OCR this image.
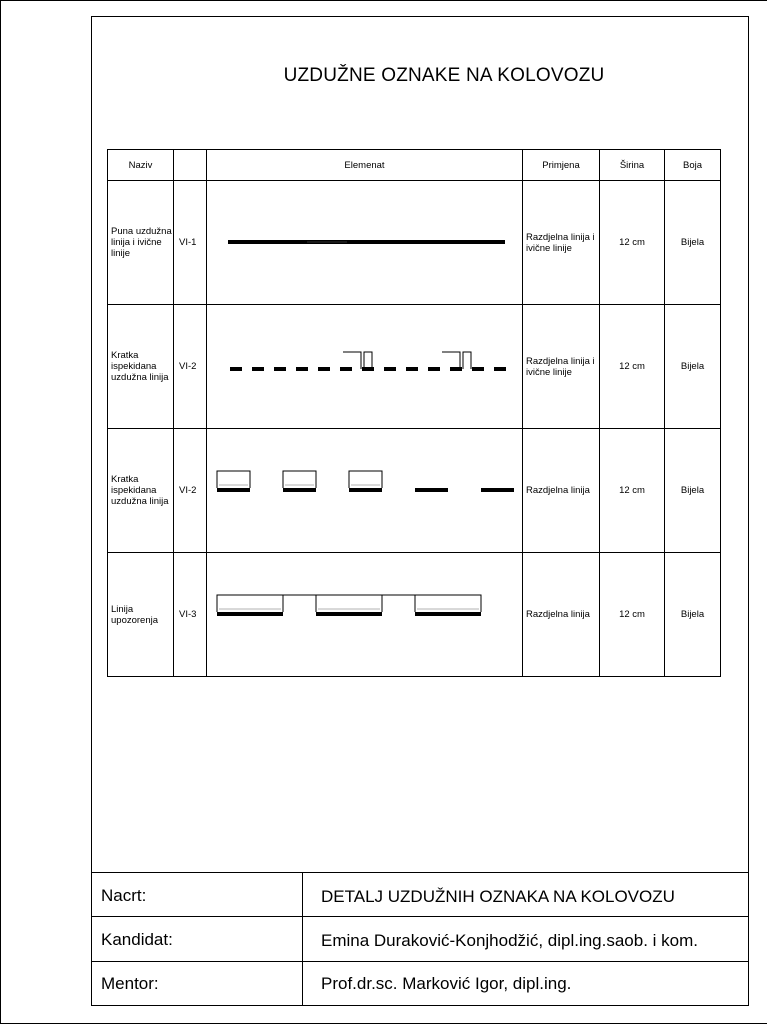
UZDUŽNE OZNAKE NA KOLOVOZU
Naziv		Elemenat	Primjena	Širina	Boja
Puna uzdužna linija i ivične linije	VI-1		Razdjelna linija i ivične linije	12 cm	Bijela
Kratka ispekidana uzdužna linija	VI-2		Razdjelna linija i ivične linije	12 cm	Bijela
Kratka ispekidana uzdužna linija	VI-2		Razdjelna linija	12 cm	Bijela
Linija upozorenja	VI-3		Razdjelna linija	12 cm	Bijela
Nacrt:	DETALJ UZDUŽNIH OZNAKA NA KOLOVOZU
Kandidat:	Emina Duraković-Konjhodžić, dipl.ing.saob. i kom.
Mentor:	Prof.dr.sc. Marković Igor, dipl.ing.
